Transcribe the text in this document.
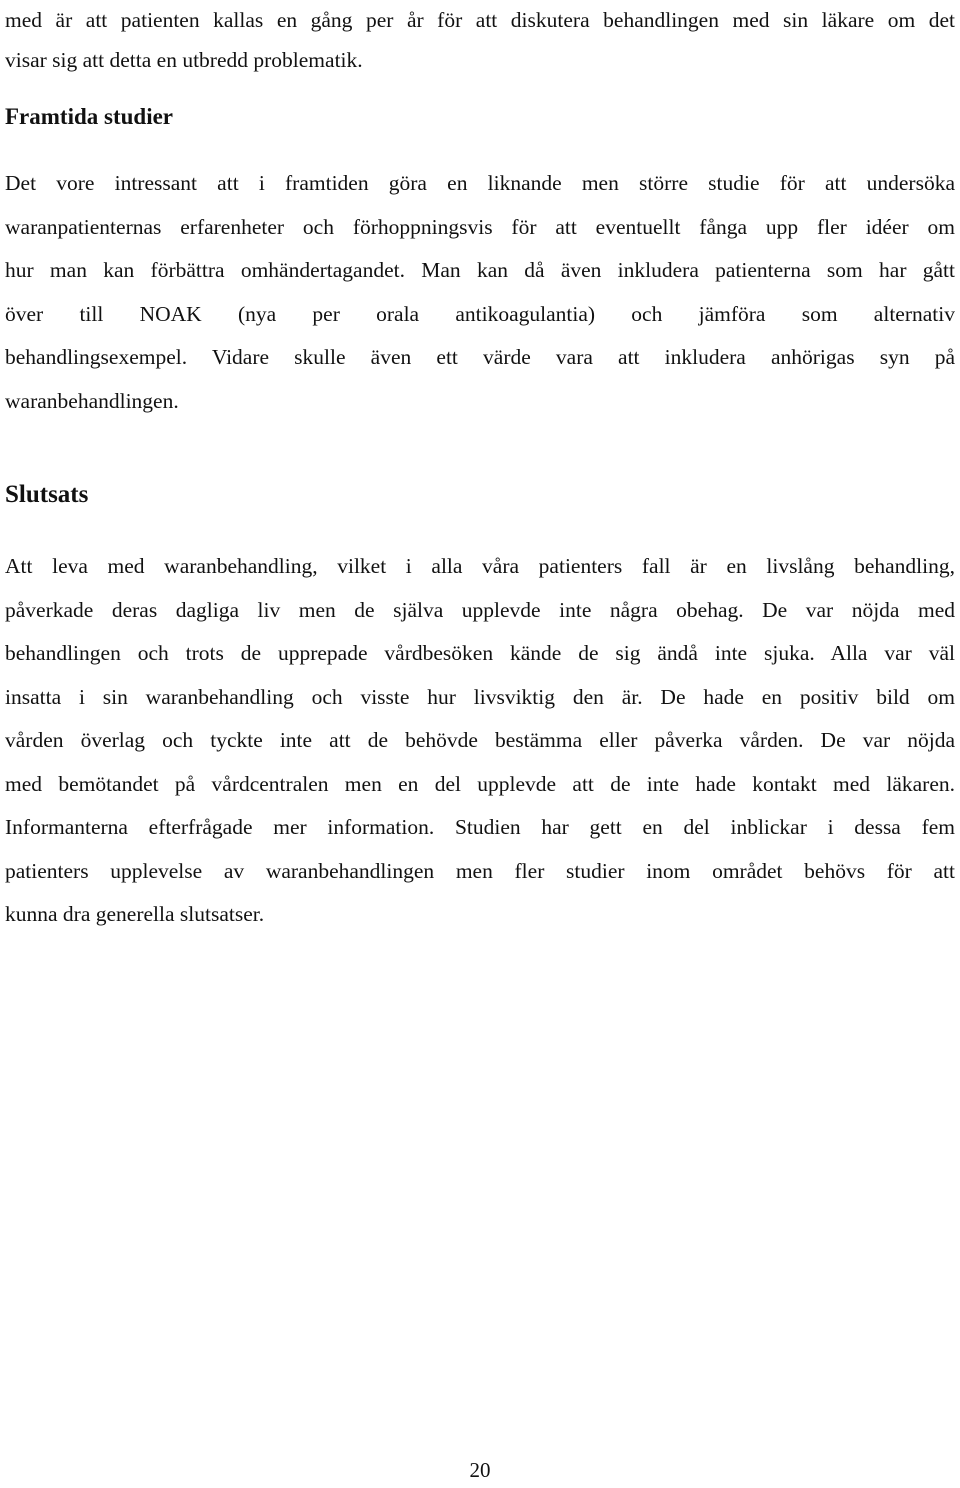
med är att patienten kallas en gång per år för att diskutera behandlingen med sin läkare om det
visar sig att detta en utbredd problematik.
Framtida studier
Det vore intressant att i framtiden göra en liknande men större studie för att undersöka
waranpatienternas erfarenheter och förhoppningsvis för att eventuellt fånga upp fler idéer om
hur man kan förbättra omhändertagandet. Man kan då även inkludera patienterna som har gått
över till NOAK (nya per orala antikoagulantia) och jämföra som alternativ
behandlingsexempel. Vidare skulle även ett värde vara att inkludera anhörigas syn på
waranbehandlingen.
Slutsats
Att leva med waranbehandling, vilket i alla våra patienters fall är en livslång behandling,
påverkade deras dagliga liv men de själva upplevde inte några obehag. De var nöjda med
behandlingen och trots de upprepade vårdbesöken kände de sig ändå inte sjuka. Alla var väl
insatta i sin waranbehandling och visste hur livsviktig den är. De hade en positiv bild om
vården överlag och tyckte inte att de behövde bestämma eller påverka vården. De var nöjda
med bemötandet på vårdcentralen men en del upplevde att de inte hade kontakt med läkaren.
Informanterna efterfrågade mer information. Studien har gett en del inblickar i dessa fem
patienters upplevelse av waranbehandlingen men fler studier inom området behövs för att
kunna dra generella slutsatser.
20
